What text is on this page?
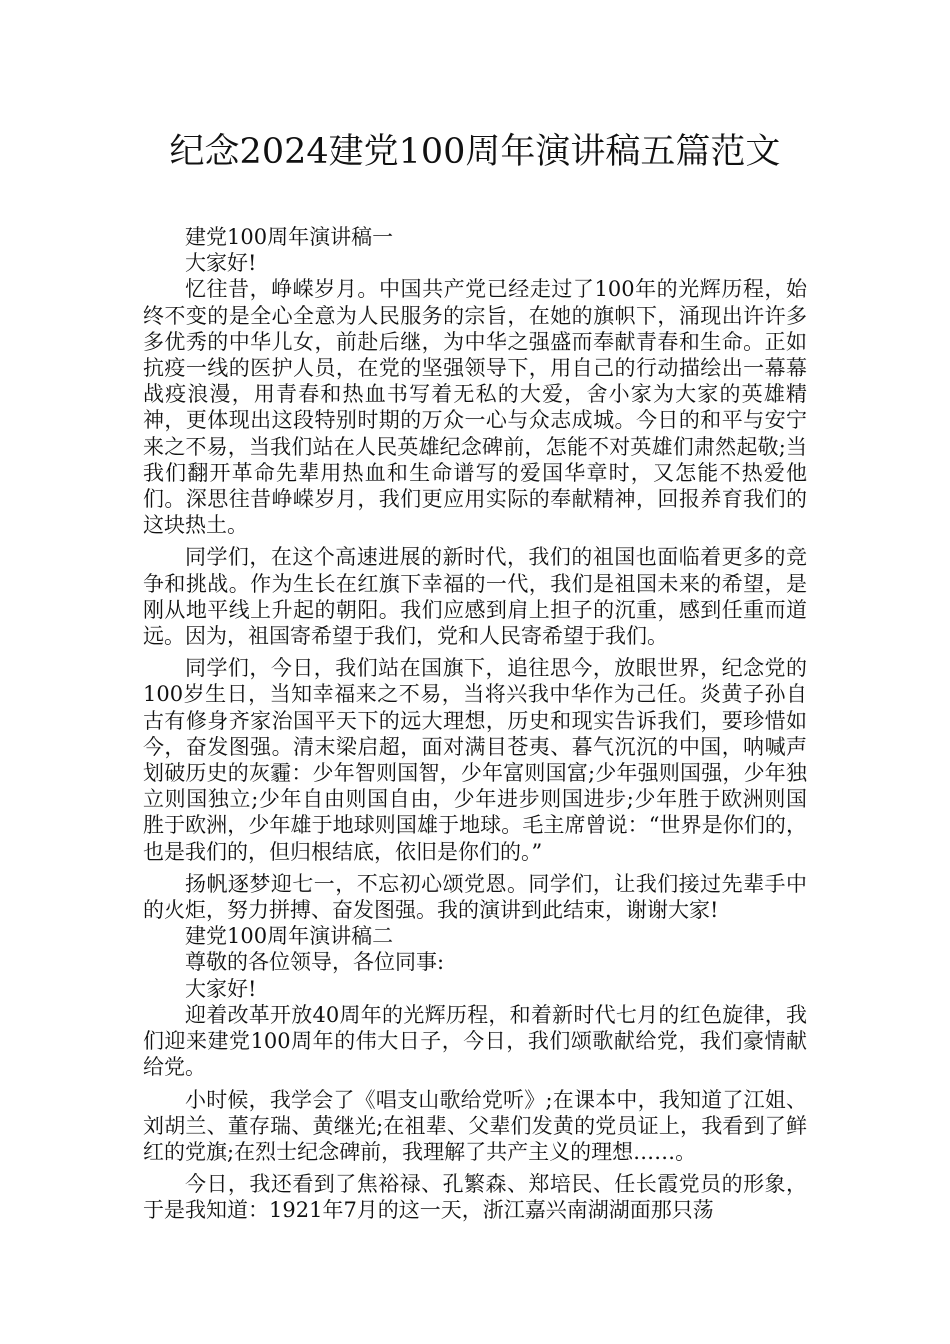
纪念2024建党100周年演讲稿五篇范文

建党100周年演讲稿一

大家好!

忆往昔，峥嵘岁月。中国共产党已经走过了100年的光辉历程，始终不变的是全心全意为人民服务的宗旨，在她的旗帜下，涌现出许许多多优秀的中华儿女，前赴后继，为中华之强盛而奉献青春和生命。正如抗疫一线的医护人员，在党的坚强领导下，用自己的行动描绘出一幕幕战疫浪漫，用青春和热血书写着无私的大爱，舍小家为大家的英雄精神，更体现出这段特别时期的万众一心与众志成城。今日的和平与安宁来之不易，当我们站在人民英雄纪念碑前，怎能不对英雄们肃然起敬;当我们翻开革命先辈用热血和生命谱写的爱国华章时，又怎能不热爱他们。深思往昔峥嵘岁月，我们更应用实际的奉献精神，回报养育我们的这块热土。

同学们，在这个高速进展的新时代，我们的祖国也面临着更多的竞争和挑战。作为生长在红旗下幸福的一代，我们是祖国未来的希望，是刚从地平线上升起的朝阳。我们应感到肩上担子的沉重，感到任重而道远。因为，祖国寄希望于我们，党和人民寄希望于我们。

同学们，今日，我们站在国旗下，追往思今，放眼世界，纪念党的100岁生日，当知幸福来之不易，当将兴我中华作为己任。炎黄子孙自古有修身齐家治国平天下的远大理想，历史和现实告诉我们，要珍惜如今，奋发图强。清末梁启超，面对满目苍夷、暮气沉沉的中国，呐喊声划破历史的灰霾：少年智则国智，少年富则国富;少年强则国强，少年独立则国独立;少年自由则国自由，少年进步则国进步;少年胜于欧洲则国胜于欧洲，少年雄于地球则国雄于地球。毛主席曾说：“世界是你们的，也是我们的，但归根结底，依旧是你们的。”

扬帆逐梦迎七一，不忘初心颂党恩。同学们，让我们接过先辈手中的火炬，努力拼搏、奋发图强。我的演讲到此结束，谢谢大家!

建党100周年演讲稿二

尊敬的各位领导，各位同事:

大家好!

迎着改革开放40周年的光辉历程，和着新时代七月的红色旋律，我们迎来建党100周年的伟大日子，今日，我们颂歌献给党，我们豪情献给党。

小时候，我学会了《唱支山歌给党听》;在课本中，我知道了江姐、刘胡兰、董存瑞、黄继光;在祖辈、父辈们发黄的党员证上，我看到了鲜红的党旗;在烈士纪念碑前，我理解了共产主义的理想……。

今日，我还看到了焦裕禄、孔繁森、郑培民、任长霞党员的形象，于是我知道：1921年7月的这一天，浙江嘉兴南湖湖面那只荡
